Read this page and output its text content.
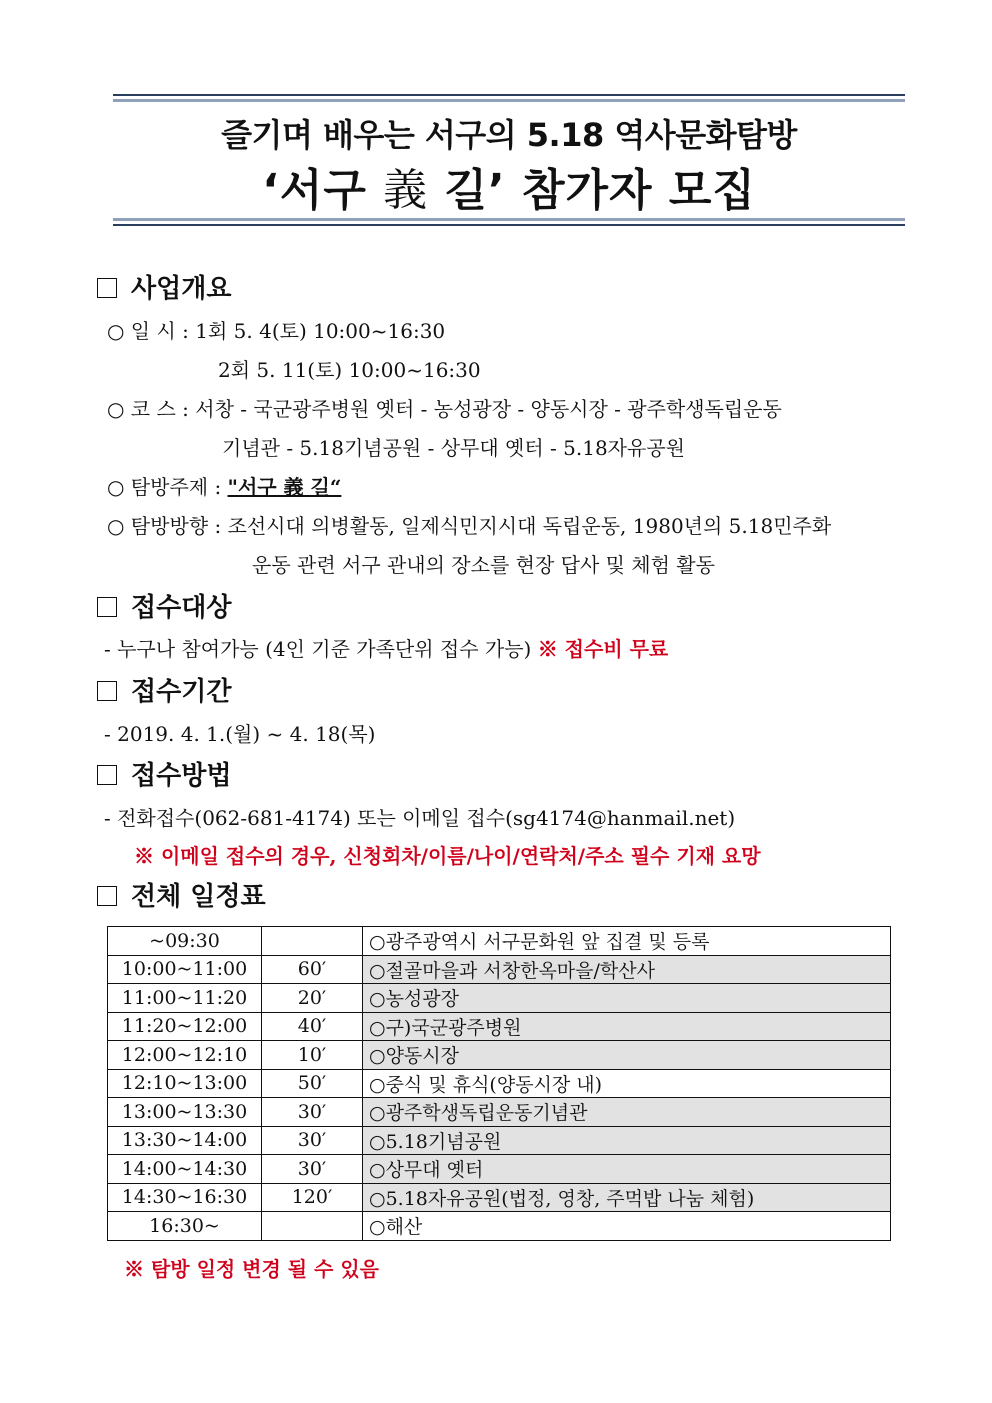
즐기며 배우는 서구의 5.18 역사문화탐방
‘서구 義 길’ 참가자 모집
사업개요
○ 일 시 : 1회 5. 4(토) 10:00~16:30
2회 5. 11(토) 10:00~16:30
○ 코 스 : 서창 - 국군광주병원 옛터 - 농성광장 - 양동시장 - 광주학생독립운동
기념관 - 5.18기념공원 - 상무대 옛터 - 5.18자유공원
○ 탐방주제 : "서구 義 길“
○ 탐방방향 : 조선시대 의병활동, 일제식민지시대 독립운동, 1980년의 5.18민주화
운동 관련 서구 관내의 장소를 현장 답사 및 체험 활동
접수대상
- 누구나 참여가능 (4인 기준 가족단위 접수 가능) ※ 접수비 무료
접수기간
- 2019. 4. 1.(월) ~ 4. 18(목)
접수방법
- 전화접수(062-681-4174) 또는 이메일 접수(sg4174@hanmail.net)
※ 이메일 접수의 경우, 신청회차/이름/나이/연락처/주소 필수 기재 요망
전체 일정표
~09:30		○광주광역시 서구문화원 앞 집결 및 등록
10:00~11:00	60′	○절골마을과 서창한옥마을/학산사
11:00~11:20	20′	○농성광장
11:20~12:00	40′	○구)국군광주병원
12:00~12:10	10′	○양동시장
12:10~13:00	50′	○중식 및 휴식(양동시장 내)
13:00~13:30	30′	○광주학생독립운동기념관
13:30~14:00	30′	○5.18기념공원
14:00~14:30	30′	○상무대 옛터
14:30~16:30	120′	○5.18자유공원(법정, 영창, 주먹밥 나눔 체험)
16:30~		○해산
※ 탐방 일정 변경 될 수 있음
